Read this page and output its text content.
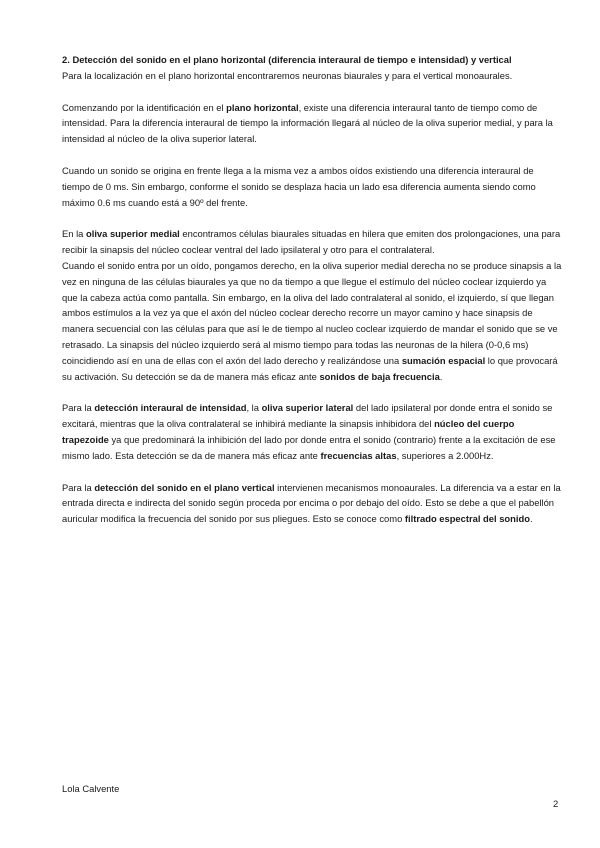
2. Detección del sonido en el plano horizontal (diferencia interaural de tiempo e intensidad) y vertical

Para la localización en el plano horizontal encontraremos neuronas biaurales y para el vertical monoaurales.

Comenzando por la identificación en el plano horizontal, existe una diferencia interaural tanto de tiempo como de intensidad. Para la diferencia interaural de tiempo la información llegará al núcleo de la oliva superior medial, y para la intensidad al núcleo de la oliva superior lateral.

Cuando un sonido se origina en frente llega a la misma vez a ambos oídos existiendo una diferencia interaural de tiempo de 0 ms. Sin embargo, conforme el sonido se desplaza hacia un lado esa diferencia aumenta siendo como máximo 0.6 ms cuando está a 90º del frente.

En la oliva superior medial encontramos células biaurales situadas en hilera que emiten dos prolongaciones, una para recibir la sinapsis del núcleo coclear ventral del lado ipsilateral y otro para el contralateral.

Cuando el sonido entra por un oído, pongamos derecho, en la oliva superior medial derecha no se produce sinapsis a la vez en ninguna de las células biaurales ya que no da tiempo a que llegue el estímulo del núcleo coclear izquierdo ya que la cabeza actúa como pantalla. Sin embargo, en la oliva del lado contralateral al sonido, el izquierdo, sí que llegan ambos estímulos a la vez ya que el axón del núcleo coclear derecho recorre un mayor camino y hace sinapsis de manera secuencial con las células para que así le de tiempo al nucleo coclear izquierdo de mandar el sonido que se ve retrasado. La sinapsis del núcleo izquierdo será al mismo tiempo para todas las neuronas de la hilera (0-0,6 ms) coincidiendo así en una de ellas con el axón del lado derecho y realizándose una sumación espacial lo que provocará su activación. Su detección se da de manera más eficaz ante sonidos de baja frecuencia.

Para la detección interaural de intensidad, la oliva superior lateral del lado ipsilateral por donde entra el sonido se excitará, mientras que la oliva contralateral se inhibirá mediante la sinapsis inhibidora del núcleo del cuerpo trapezoide ya que predominará la inhibición del lado por donde entra el sonido (contrario) frente a la excitación de ese mismo lado. Esta detección se da de manera más eficaz ante frecuencias altas, superiores a 2.000Hz.

Para la detección del sonido en el plano vertical intervienen mecanismos monoaurales. La diferencia va a estar en la entrada directa e indirecta del sonido según proceda por encima o por debajo del oído. Esto se debe a que el pabellón auricular modifica la frecuencia del sonido por sus pliegues. Esto se conoce como filtrado espectral del sonido.

Lola Calvente
2
